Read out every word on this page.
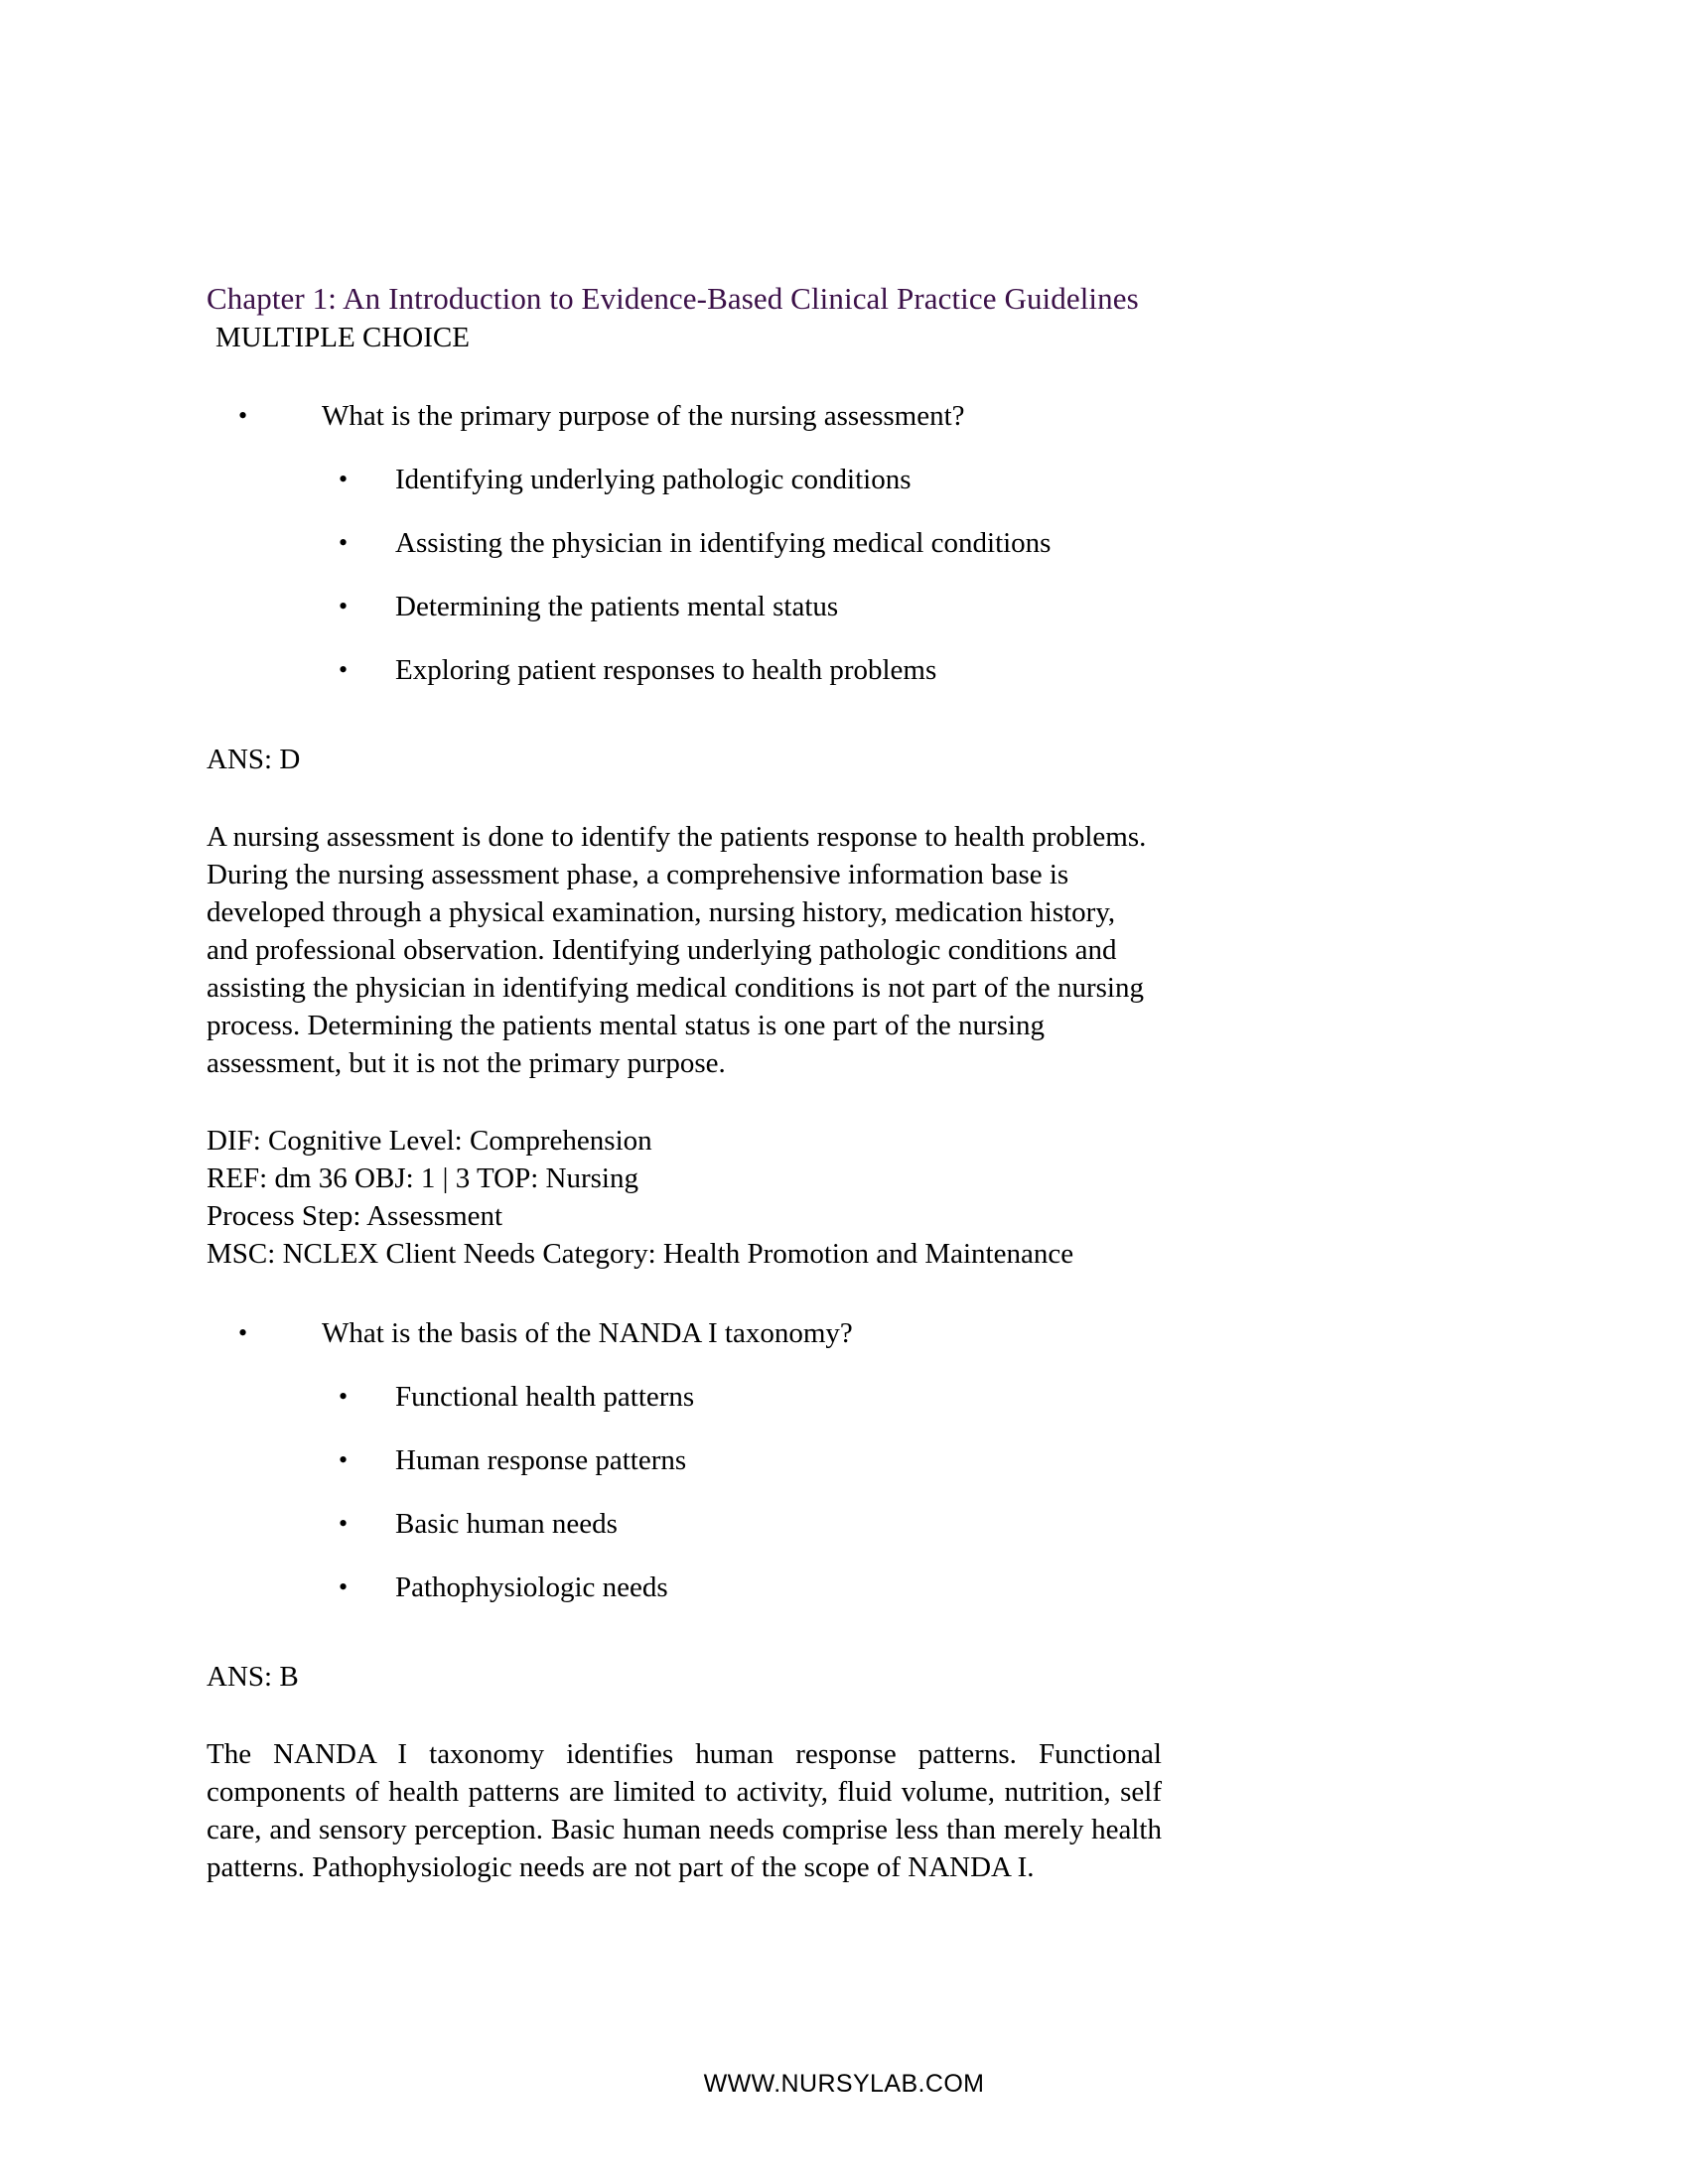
Chapter 1: An Introduction to Evidence-Based Clinical Practice Guidelines
MULTIPLE CHOICE
•	What is the primary purpose of the nursing assessment?
•	Identifying underlying pathologic conditions
•	Assisting the physician in identifying medical conditions
•	Determining the patients mental status
•	Exploring patient responses to health problems
ANS: D
A nursing assessment is done to identify the patients response to health problems. During the nursing assessment phase, a comprehensive information base is developed through a physical examination, nursing history, medication history, and professional observation. Identifying underlying pathologic conditions and assisting the physician in identifying medical conditions is not part of the nursing process. Determining the patients mental status is one part of the nursing assessment, but it is not the primary purpose.
DIF: Cognitive Level: Comprehension
REF: dm 36 OBJ: 1 | 3 TOP: Nursing
Process Step: Assessment
MSC: NCLEX Client Needs Category: Health Promotion and Maintenance
•	What is the basis of the NANDA I taxonomy?
•	Functional health patterns
•	Human response patterns
•	Basic human needs
•	Pathophysiologic needs
ANS: B
The NANDA I taxonomy identifies human response patterns. Functional components of health patterns are limited to activity, fluid volume, nutrition, self care, and sensory perception. Basic human needs comprise less than merely health patterns. Pathophysiologic needs are not part of the scope of NANDA I.
WWW.NURSYLAB.COM
